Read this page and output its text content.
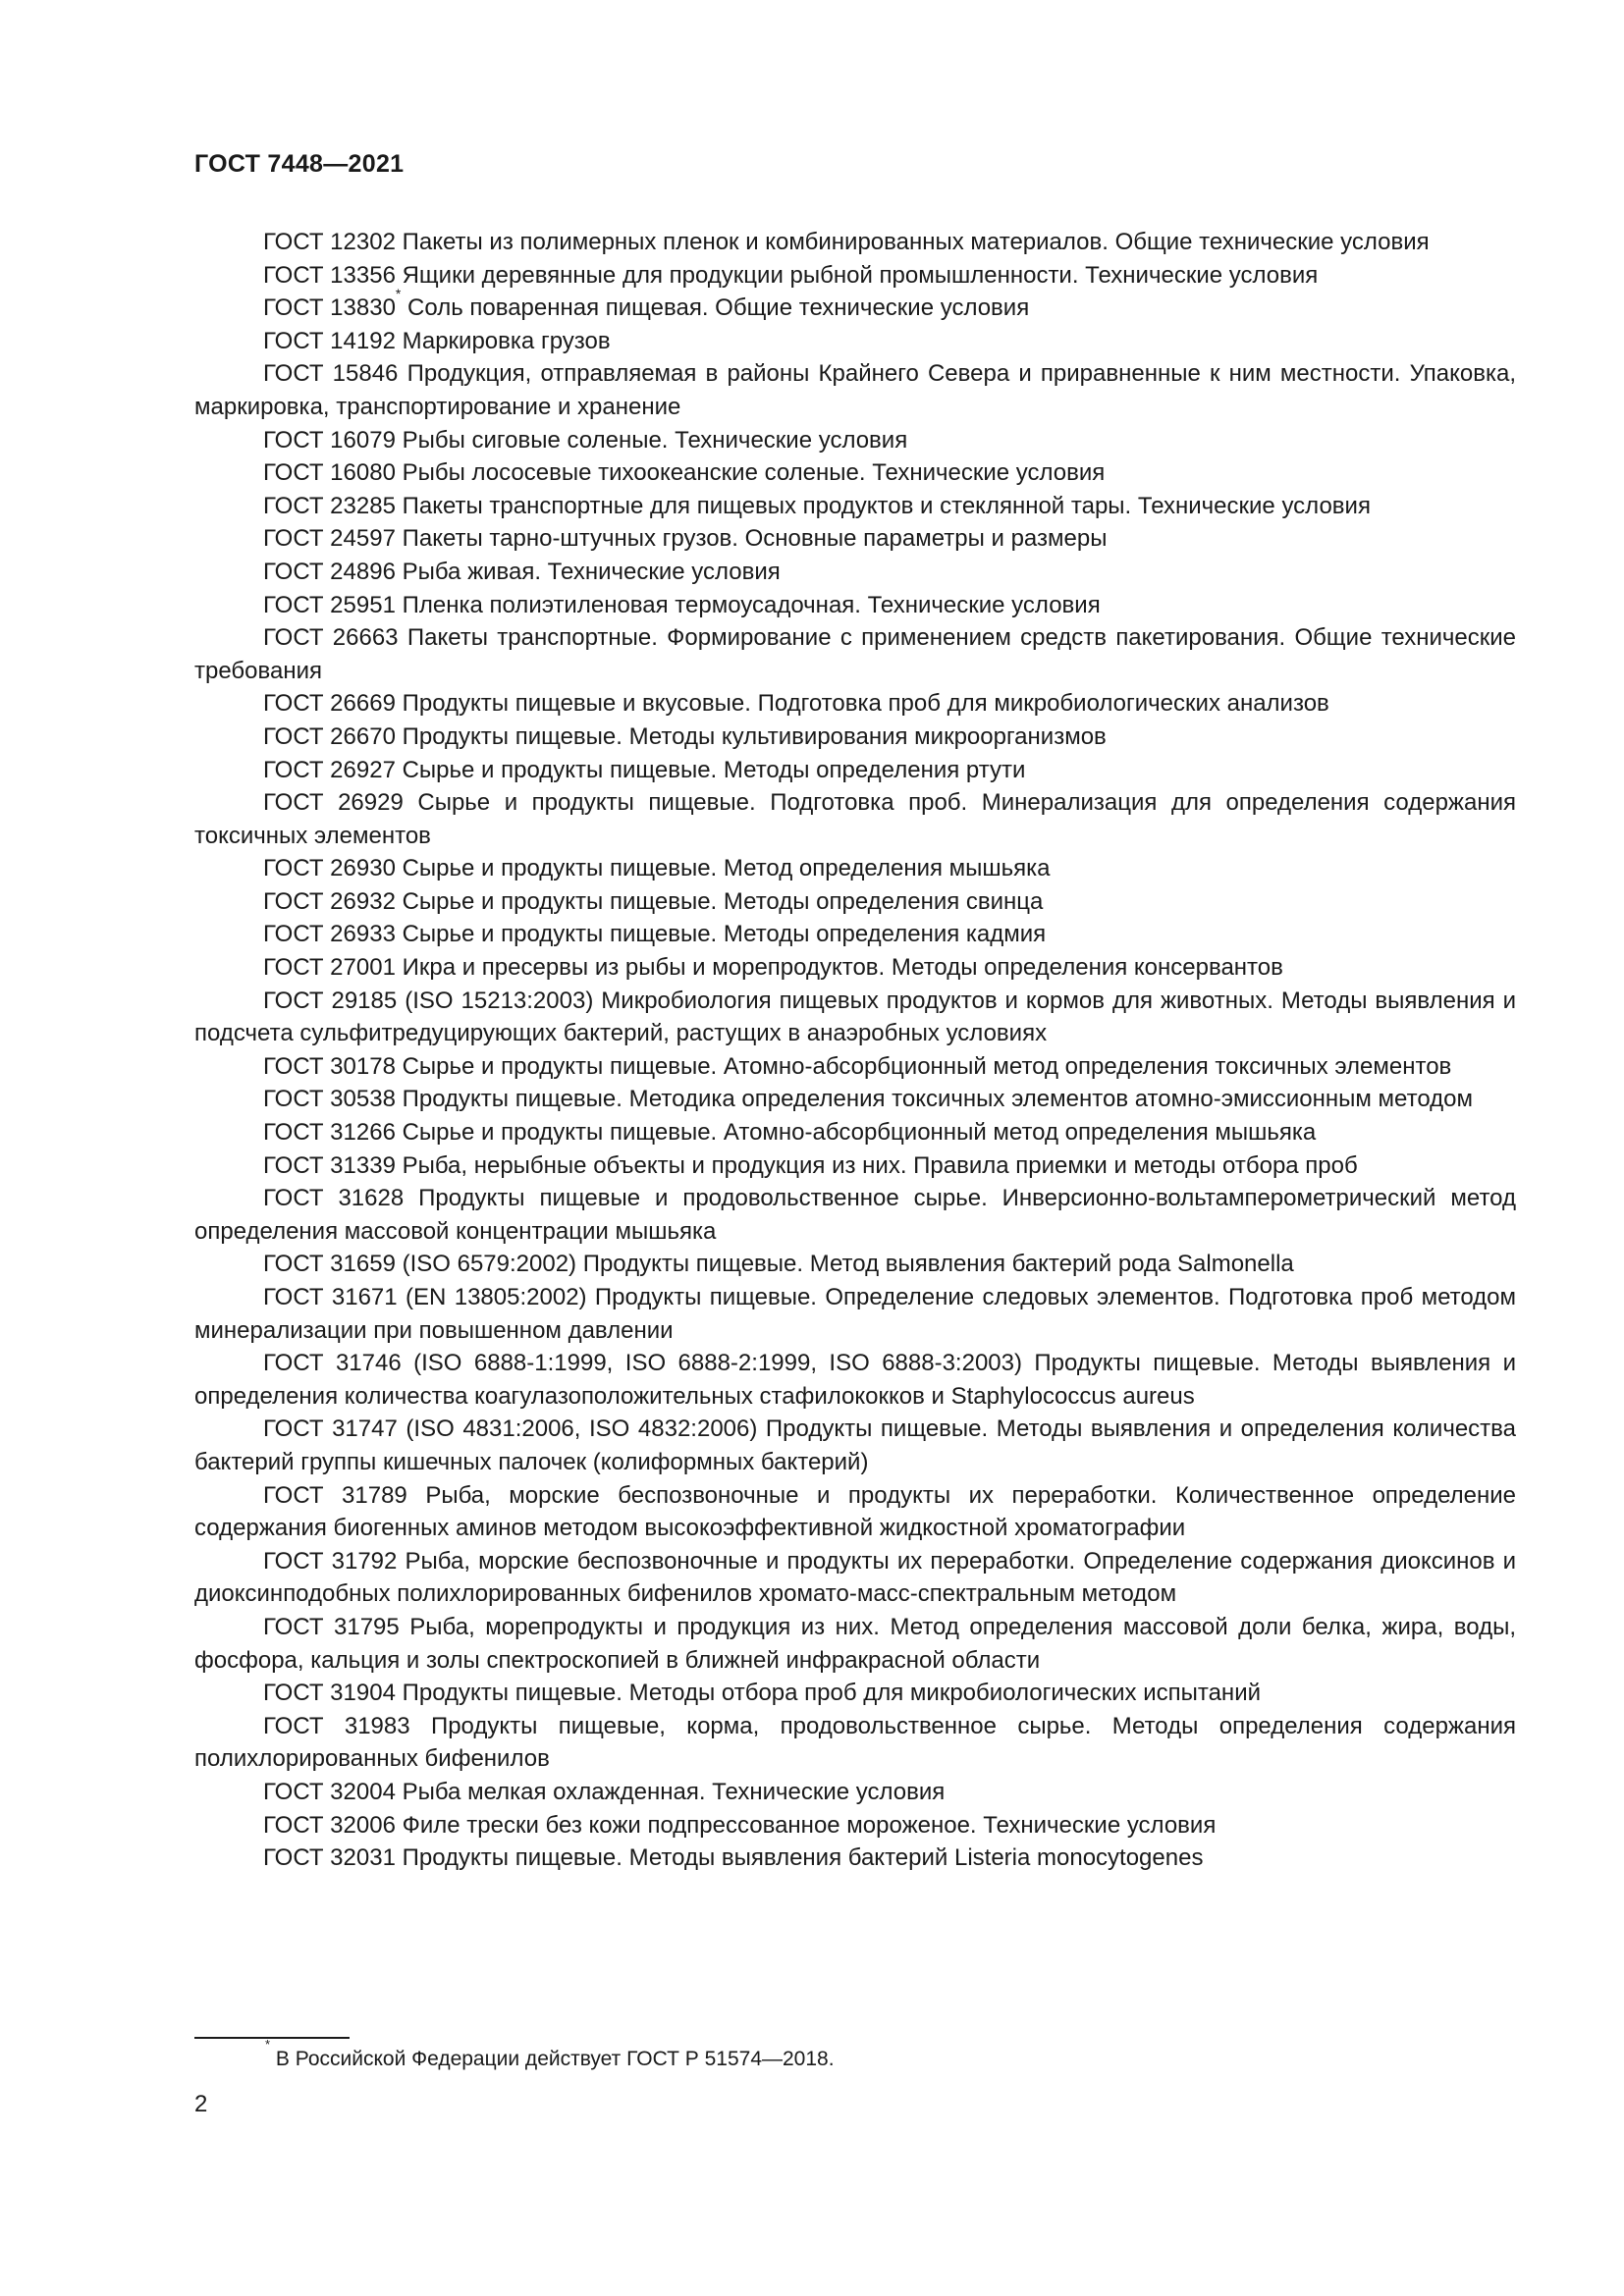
ГОСТ 7448—2021

ГОСТ 12302 Пакеты из полимерных пленок и комбинированных материалов. Общие технические условия

ГОСТ 13356 Ящики деревянные для продукции рыбной промышленности. Технические условия

ГОСТ 13830* Соль поваренная пищевая. Общие технические условия

ГОСТ 14192 Маркировка грузов

ГОСТ 15846 Продукция, отправляемая в районы Крайнего Севера и приравненные к ним местности. Упаковка, маркировка, транспортирование и хранение

ГОСТ 16079 Рыбы сиговые соленые. Технические условия

ГОСТ 16080 Рыбы лососевые тихоокеанские соленые. Технические условия

ГОСТ 23285 Пакеты транспортные для пищевых продуктов и стеклянной тары. Технические условия

ГОСТ 24597 Пакеты тарно-штучных грузов. Основные параметры и размеры

ГОСТ 24896 Рыба живая. Технические условия

ГОСТ 25951 Пленка полиэтиленовая термоусадочная. Технические условия

ГОСТ 26663 Пакеты транспортные. Формирование с применением средств пакетирования. Общие технические требования

ГОСТ 26669 Продукты пищевые и вкусовые. Подготовка проб для микробиологических анализов

ГОСТ 26670 Продукты пищевые. Методы культивирования микроорганизмов

ГОСТ 26927 Сырье и продукты пищевые. Методы определения ртути

ГОСТ 26929 Сырье и продукты пищевые. Подготовка проб. Минерализация для определения содержания токсичных элементов

ГОСТ 26930 Сырье и продукты пищевые. Метод определения мышьяка

ГОСТ 26932 Сырье и продукты пищевые. Методы определения свинца

ГОСТ 26933 Сырье и продукты пищевые. Методы определения кадмия

ГОСТ 27001 Икра и пресервы из рыбы и морепродуктов. Методы определения консервантов

ГОСТ 29185 (ISO 15213:2003) Микробиология пищевых продуктов и кормов для животных. Методы выявления и подсчета сульфитредуцирующих бактерий, растущих в анаэробных условиях

ГОСТ 30178 Сырье и продукты пищевые. Атомно-абсорбционный метод определения токсичных элементов

ГОСТ 30538 Продукты пищевые. Методика определения токсичных элементов атомно-эмиссионным методом

ГОСТ 31266 Сырье и продукты пищевые. Атомно-абсорбционный метод определения мышьяка

ГОСТ 31339 Рыба, нерыбные объекты и продукция из них. Правила приемки и методы отбора проб

ГОСТ 31628 Продукты пищевые и продовольственное сырье. Инверсионно-вольтамперометрический метод определения массовой концентрации мышьяка

ГОСТ 31659 (ISO 6579:2002) Продукты пищевые. Метод выявления бактерий рода Salmonella

ГОСТ 31671 (EN 13805:2002) Продукты пищевые. Определение следовых элементов. Подготовка проб методом минерализации при повышенном давлении

ГОСТ 31746 (ISO 6888-1:1999, ISO 6888-2:1999, ISO 6888-3:2003) Продукты пищевые. Методы выявления и определения количества коагулазоположительных стафилококков и Staphylococcus aureus

ГОСТ 31747 (ISO 4831:2006, ISO 4832:2006) Продукты пищевые. Методы выявления и определения количества бактерий группы кишечных палочек (колиформных бактерий)

ГОСТ 31789 Рыба, морские беспозвоночные и продукты их переработки. Количественное определение содержания биогенных аминов методом высокоэффективной жидкостной хроматографии

ГОСТ 31792 Рыба, морские беспозвоночные и продукты их переработки. Определение содержания диоксинов и диоксинподобных полихлорированных бифенилов хромато-масс-спектральным методом

ГОСТ 31795 Рыба, морепродукты и продукция из них. Метод определения массовой доли белка, жира, воды, фосфора, кальция и золы спектроскопией в ближней инфракрасной области

ГОСТ 31904 Продукты пищевые. Методы отбора проб для микробиологических испытаний

ГОСТ 31983 Продукты пищевые, корма, продовольственное сырье. Методы определения содержания полихлорированных бифенилов

ГОСТ 32004 Рыба мелкая охлажденная. Технические условия

ГОСТ 32006 Филе трески без кожи подпрессованное мороженое. Технические условия

ГОСТ 32031 Продукты пищевые. Методы выявления бактерий Listeria monocytogenes

* В Российской Федерации действует ГОСТ Р 51574—2018.
2
